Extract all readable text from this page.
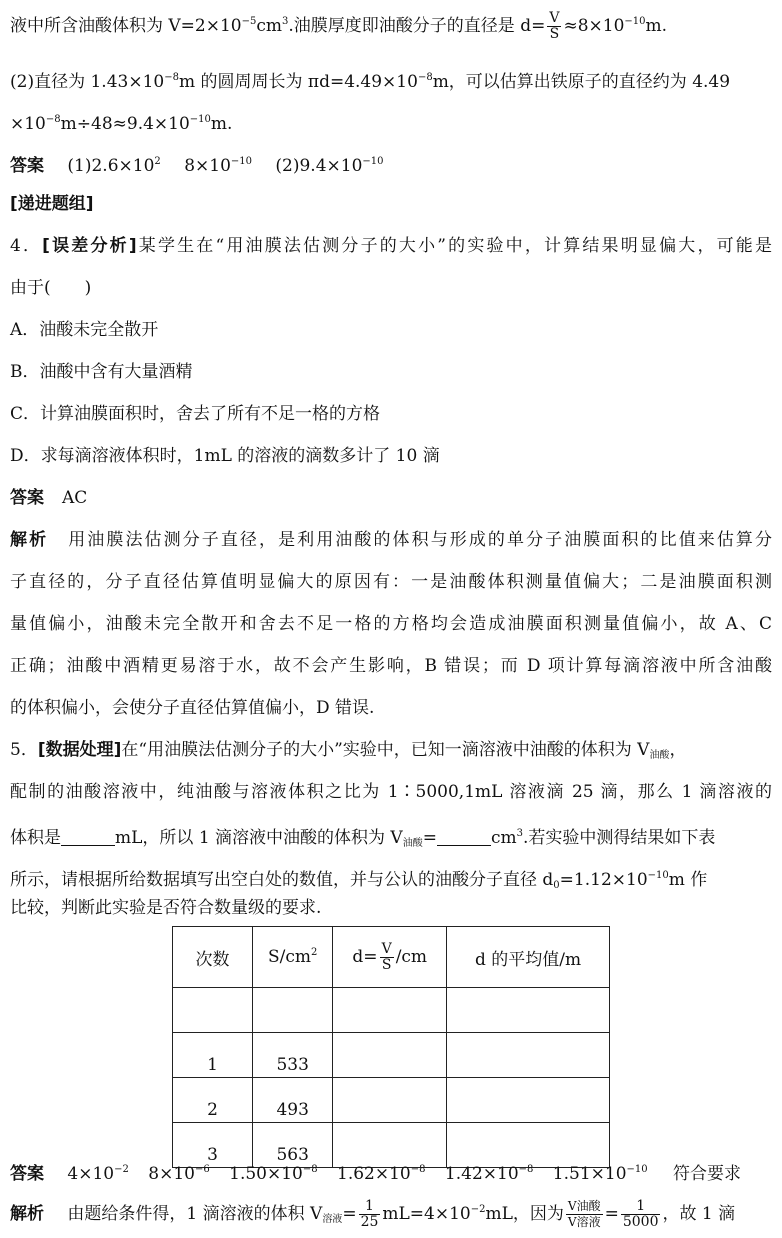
液中所含油酸体积为 $V=2\times 10^{-5}cm^3$.油膜厚度即油酸分子的直径是 $d= \frac{V}{S} \approx 8\times 10^{-10}m$.
(2)直径为 $1.43\times 10^{-8}m$ 的圆周周长为 $\pi d=4.49\times 10^{-8}m$，可以估算出铁原子的直径约为 4.49
$\times 10^{-8}m\div 48\approx 9.4\times 10^{-10}m$.
答案 $(1)2.6\times 10^2$ $8\times 10^{-10}$ $(2)9.4\times 10^{-10}$
[递进题组]
4．[误差分析]某学生在“用油膜法估测分子的大小”的实验中，计算结果明显偏大，可能是
由于(　　)
A．油酸未完全散开
B．油酸中含有大量酒精
C．计算油膜面积时，舍去了所有不足一格的方格
D．求每滴溶液体积时，1mL 的溶液的滴数多计了 10 滴
答案 AC
解析 用油膜法估测分子直径，是利用油酸的体积与形成的单分子油膜面积的比值来估算分
子直径的，分子直径估算值明显偏大的原因有：一是油酸体积测量值偏大；二是油膜面积测
量值偏小，油酸未完全散开和舍去不足一格的方格均会造成油膜面积测量值偏小，故 A、C
正确；油酸中酒精更易溶于水，故不会产生影响，B 错误；而 D 项计算每滴溶液中所含油酸
的体积偏小，会使分子直径估算值偏小，D 错误.
5．[数据处理]在“用油膜法估测分子的大小”实验中，已知一滴溶液中油酸的体积为 $V_{油酸}$，
配制的油酸溶液中，纯油酸与溶液体积之比为 1∶5000,1mL 溶液滴 25 滴，那么 1 滴溶液的
体积是	mL，所以 1 滴溶液中油酸的体积为 $V_{油酸}=$	$cm^3$.若实验中测得结果如下表
所示，请根据所给数据填写出空白处的数值，并与公认的油酸分子直径 $d_0=1.12\times 10^{-10}m$ 作
比较，判断此实验是否符合数量级的要求.
次数	$S/cm^2$	$d= \frac{V}{S} /cm$	d 的平均值/m

1	533		
2	493		
3	563		
答案 $4\times 10^{-2}$ $8\times 10^{-6}$ $1.50\times 10^{-8}$ $1.62\times 10^{-8}$ $1.42\times 10^{-8}$ $1.51\times 10^{-10}$ 符合要求
解析 由题给条件得，1 滴溶液的体积 $V_{溶液}= \frac{1}{25} mL=4\times 10^{-2}mL$，因为 $\frac{\text{V油酸}}{\text{V溶液}} = \frac{1}{5000}$ ，故 1 滴
